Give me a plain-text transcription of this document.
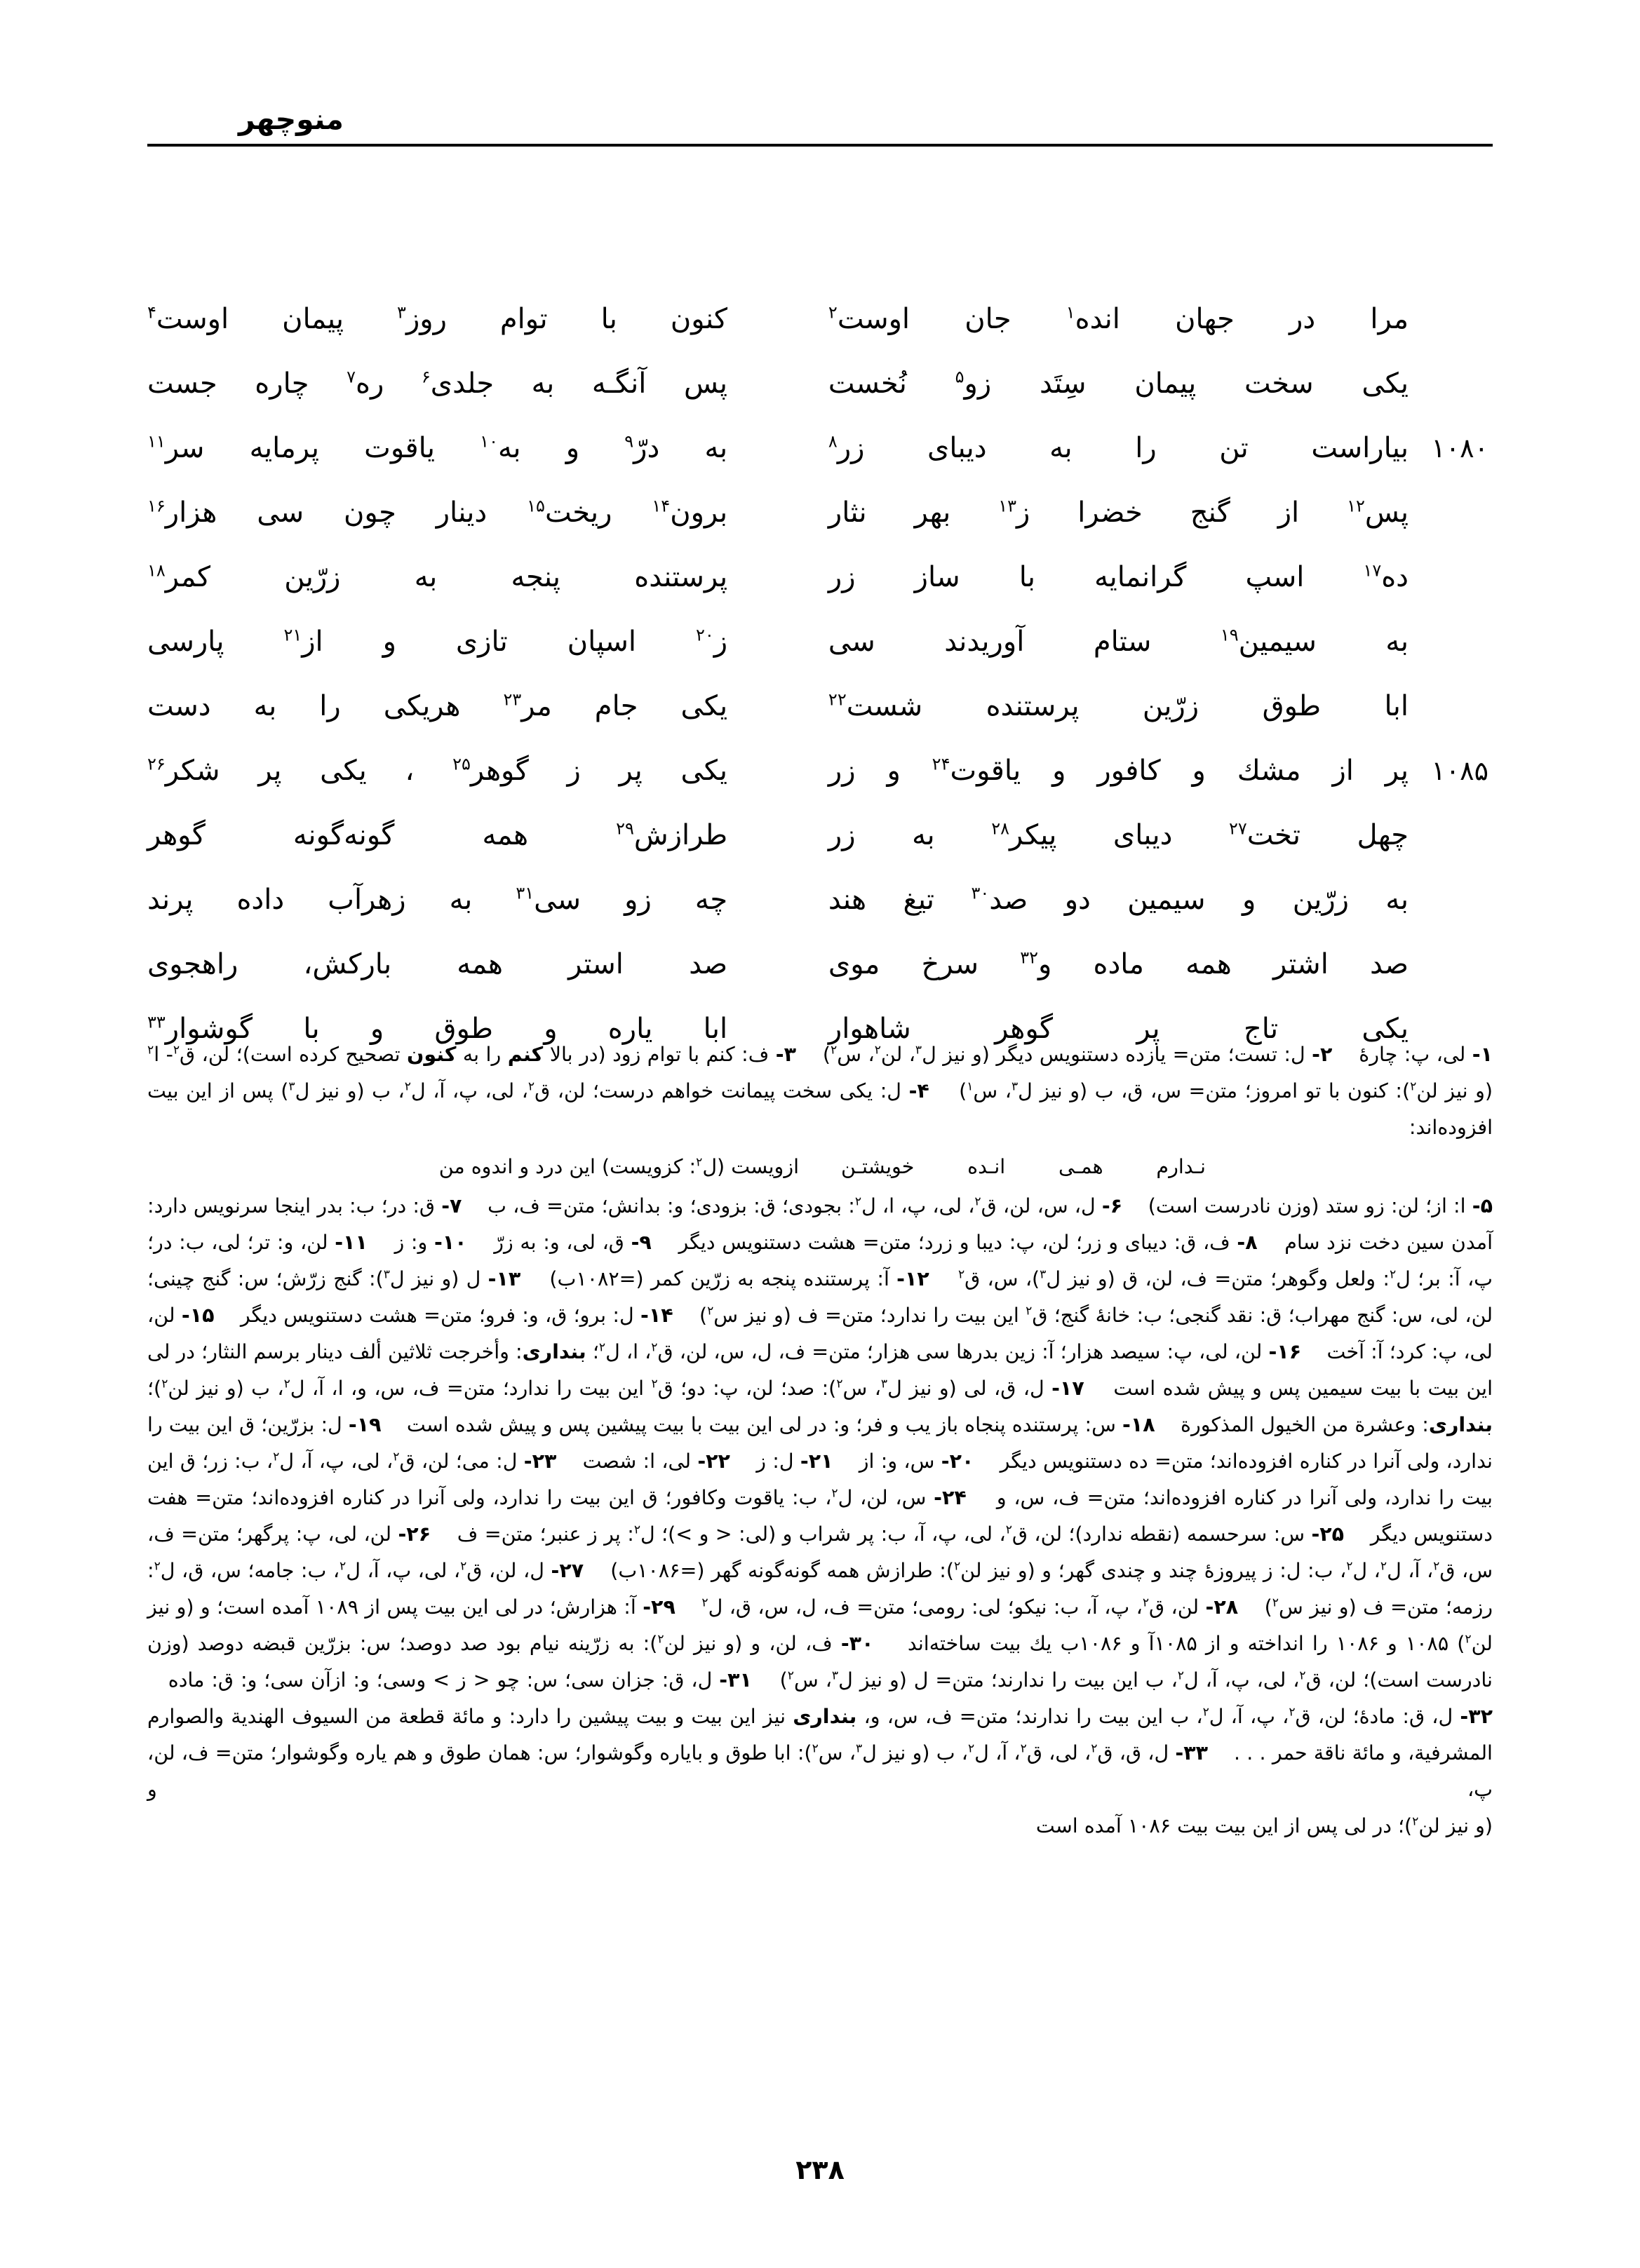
منوچهر
مرا در جهان انده$^۱$ جان اوست$^۲$
كنون با توام روز$^۳$ پیمان اوست$^۴$
یكی سخت پیمان سِتَد زو$^۵$ نُخست
پس آنگـه به جلدی$^۶$ ره$^۷$ چاره جست
۱۰۸۰
بیاراست تن را به دیبای زر$^۸$
به درّ$^۹$ و به$^{۱۰}$ یاقوت پرمایه سر$^{۱۱}$
پس$^{۱۲}$ از گنج خضرا ز$^{۱۳}$ بهر نثار
برون$^{۱۴}$ ریخت$^{۱۵}$ دینار چون سی هزار$^{۱۶}$
ده$^{۱۷}$ اسپ گرانمایه با ساز زر
پرستنده پنجه به زرّین كمر$^{۱۸}$
به سیمین$^{۱۹}$ ستام آوریدند سی
ز$^{۲۰}$ اسپان تازی و از$^{۲۱}$ پارسی
ابا طوق زرّین پرستنده شست$^{۲۲}$
یكی جام مر$^{۲۳}$ هریكی را به دست
۱۰۸۵
پر از مشك و كافور و یاقوت$^{۲۴}$ و زر
یكی پر ز گوهر$^{۲۵}$ ، یكی پر شكر$^{۲۶}$
چهل تخت$^{۲۷}$ دیبای پیكر$^{۲۸}$ به زر
طرازش$^{۲۹}$ همه گونه‌گونه گوهر
به زرّین و سیمین دو صد$^{۳۰}$ تیغ هند
چه زو سی$^{۳۱}$ به زهرآب داده پرند
صد اشتر همه ماده و$^{۳۲}$ سرخ موی
صد استر همه باركش، راهجوی
یكی تاج پر گوهر شاهوار
ابا یاره و طوق و با گوشوار$^{۳۳}$

۱- لی، پ: چارهٔ    ۲- ل: تست؛ متن= یازده دستنویس دیگر (و نیز ل$^۳$، لن$^۲$، س$^۲$)    ۳- ف: كنم با توام زود (در بالا كنم را به كنون تصحیح كرده است)؛ لن، ق$^۲$- ا$^۲$ (و نیز لن$^۲$): كنون با تو امروز؛ متن= س، ق، ب (و نیز ل$^۳$، س$^۱$)    ۴- ل: یكی سخت پیمانت خواهم درست؛ لن، ق$^۲$، لی، پ، آ، ل$^۲$، ب (و نیز ل$^۳$) پس از این بیت افزوده‌اند:

نـدارم همـی انـده خویشتـن
ازویست (ل$^۲$: كزویست) این درد و اندوه من

۵- ا: از؛ لن: زو ستد (وزن نادرست است)    ۶- ل، س، لن، ق$^۲$، لی، پ، ا، ل$^۲$: بجودی؛ ق: بزودی؛ و: بدانش؛ متن= ف، ب    ۷- ق: در؛ ب: بدر اینجا سرنویس دارد: آمدن سین دخت نزد سام    ۸- ف، ق: دیبای و زر؛ لن، پ: دیبا و زرد؛ متن= هشت دستنویس دیگر    ۹- ق، لی، و: به زرّ    ۱۰- و: ز    ۱۱- لن، و: تر؛ لی، ب: در؛ پ، آ: بر؛ ل$^۲$: ولعل وگوهر؛ متن= ف، لن، ق (و نیز ل$^۳$)، س، ق$^۲$    ۱۲- آ: پرستنده پنجه به زرّین كمر (=۱۰۸۲ب)    ۱۳- ل (و نیز ل$^۳$): گنج زرّش؛ س: گنج چینی؛ لن، لی، س: گنج مهراب؛ ق: نقد گنجی؛ ب: خانهٔ گنج؛ ق$^۲$ این بیت را ندارد؛ متن= ف (و نیز س$^۲$)    ۱۴- ل: برو؛ ق، و: فرو؛ متن= هشت دستنویس دیگر    ۱۵- لن، لی، پ: كرد؛ آ: آخت    ۱۶- لن، لی، پ: سیصد هزار؛ آ: زین بدرها سی هزار؛ متن= ف، ل، س، لن، ق$^۲$، ا، ل$^۲$؛ بنداری: وأخرجت ثلاثین ألف دینار برسم النثار؛ در لی این بیت با بیت سیمین پس و پیش شده است    ۱۷- ل، ق، لی (و نیز ل$^۳$، س$^۲$): صد؛ لن، پ: دو؛ ق$^۲$ این بیت را ندارد؛ متن= ف، س، و، ا، آ، ل$^۲$، ب (و نیز لن$^۲$)؛ بنداری: وعشرة من الخیول المذكورة    ۱۸- س: پرستنده پنجاه باز یب و فر؛ و: در لی این بیت با بیت پیشین پس و پیش شده است    ۱۹- ل: بزرّین؛ ق این بیت را ندارد، ولی آنرا در كناره افزوده‌اند؛ متن= ده دستنویس دیگر    ۲۰- س، و: از    ۲۱- ل: ز    ۲۲- لی، ا: شصت    ۲۳- ل: می؛ لن، ق$^۲$، لی، پ، آ، ل$^۲$، ب: زر؛ ق این بیت را ندارد، ولی آنرا در كناره افزوده‌اند؛ متن= ف، س، و    ۲۴- س، لن، ل$^۲$، ب: یاقوت وكافور؛ ق این بیت را ندارد، ولی آنرا در كناره افزوده‌اند؛ متن= هفت دستنویس دیگر    ۲۵- س: سرحسمه (نقطه ندارد)؛ لن، ق$^۲$، لی، پ، آ، ب: پر شراب و (لی: < و >)؛ ل$^۲$: پر ز عنبر؛ متن= ف    ۲۶- لن، لی، پ: پرگهر؛ متن= ف، س، ق$^۲$، آ، ل$^۲$، ل$^۲$، ب: ل: ز پیروزهٔ چند و چندی گهر؛ و (و نیز لن$^۲$): طرازش همه گونه‌گونه گهر (=۱۰۸۶ب)    ۲۷- ل، لن، ق$^۲$، لی، پ، آ، ل$^۲$، ب: جامه؛ س، ق، ل$^۲$: رزمه؛ متن= ف (و نیز س$^۲$)    ۲۸- لن، ق$^۲$، پ، آ، ب: نیكو؛ لی: رومی؛ متن= ف، ل، س، ق، ل$^۲$    ۲۹- آ: هزارش؛ در لی این بیت پس از ۱۰۸۹ آمده است؛ و (و نیز لن$^۲$) ۱۰۸۵ و ۱۰۸۶ را انداخته و از ۱۰۸۵آ و ۱۰۸۶ب یك بیت ساخته‌اند    ۳۰- ف، لن، و (و نیز لن$^۲$): به زرّینه نیام بود صد دوصد؛ س: بزرّین قبضه دوصد (وزن نادرست است)؛ لن، ق$^۲$، لی، پ، آ، ل$^۲$، ب این بیت را ندارند؛ متن= ل (و نیز ل$^۳$، س$^۲$)    ۳۱- ل، ق: جزان سی؛ س: چو < ز > وسی؛ و: ازآن سی؛ و: ق: ماده    ۳۲- ل، ق: مادهٔ؛ لن، ق$^۲$، پ، آ، ل$^۲$، ب این بیت را ندارند؛ متن= ف، س، و، بنداری نیز این بیت و بیت پیشین را دارد: و مائة قطعة من السیوف الهندیة والصوارم المشرفیة، و مائة ناقة حمر . . .    ۳۳- ل، ق، ق$^۲$، لی، ق$^۲$، آ، ل$^۲$، ب (و نیز ل$^۳$، س$^۲$): ابا طوق و بایاره وگوشوار؛ س: همان طوق و هم یاره وگوشوار؛ متن= ف، لن، پ، و

(و نیز لن$^۲$)؛ در لی پس از این بیت بیت ۱۰۸۶ آمده است

۲۳۸
